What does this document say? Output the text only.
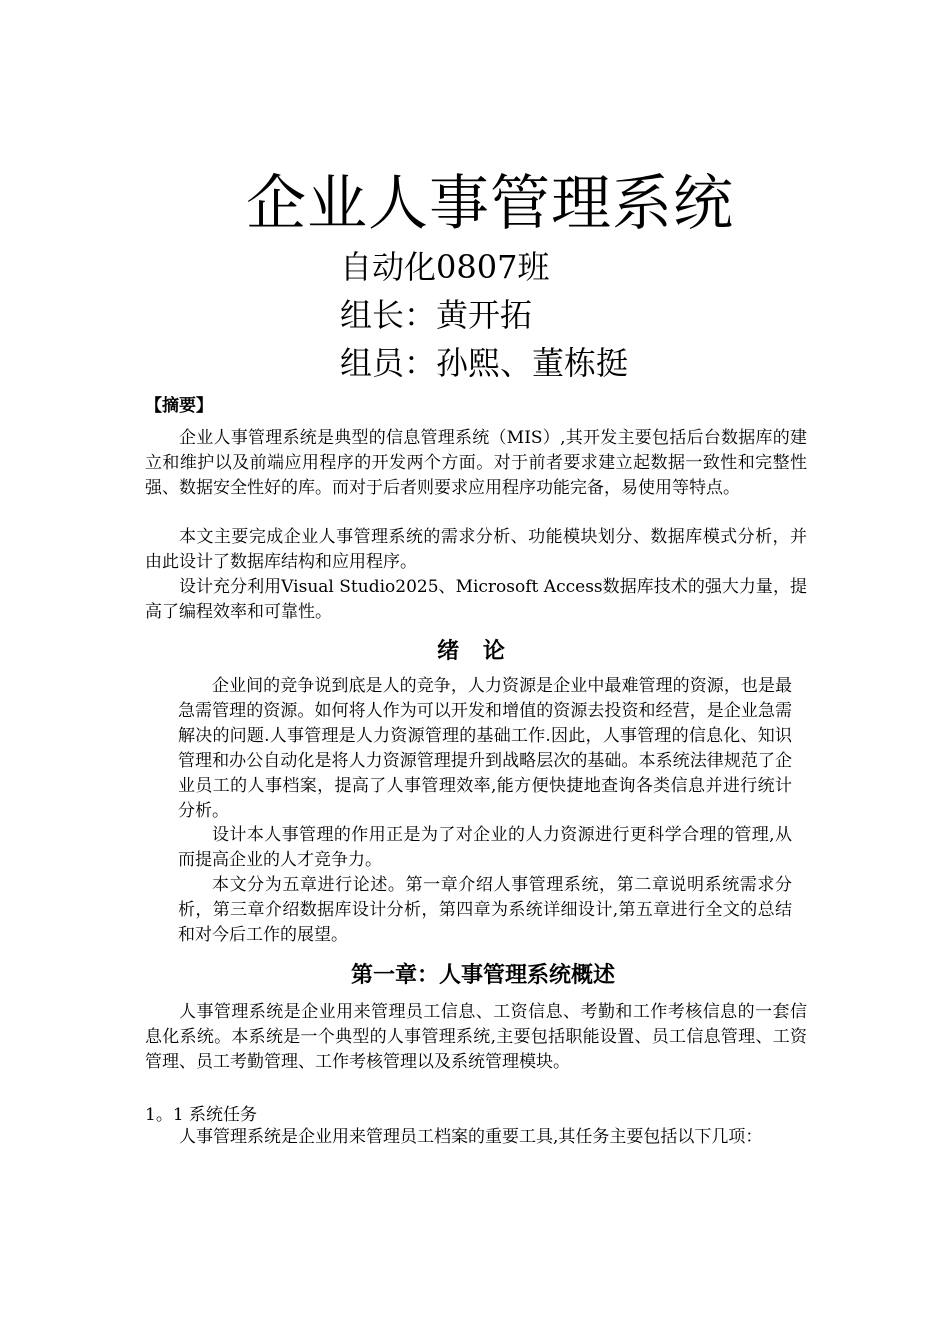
企业人事管理系统
自动化0807班
组长：黄开拓
组员：孙熙、董栋挺
【摘要】

企业人事管理系统是典型的信息管理系统（MIS）,其开发主要包括后台数据库的建立和维护以及前端应用程序的开发两个方面。对于前者要求建立起数据一致性和完整性强、数据安全性好的库。而对于后者则要求应用程序功能完备，易使用等特点。

本文主要完成企业人事管理系统的需求分析、功能模块划分、数据库模式分析，并由此设计了数据库结构和应用程序。

设计充分利用Visual Studio2025、Microsoft Access数据库技术的强大力量，提高了编程效率和可靠性。

绪 论

企业间的竞争说到底是人的竞争，人力资源是企业中最难管理的资源，也是最急需管理的资源。如何将人作为可以开发和增值的资源去投资和经营，是企业急需解决的问题.人事管理是人力资源管理的基础工作.因此，人事管理的信息化、知识管理和办公自动化是将人力资源管理提升到战略层次的基础。本系统法律规范了企业员工的人事档案，提高了人事管理效率,能方便快捷地查询各类信息并进行统计分析。

设计本人事管理的作用正是为了对企业的人力资源进行更科学合理的管理,从而提高企业的人才竞争力。

本文分为五章进行论述。第一章介绍人事管理系统，第二章说明系统需求分析，第三章介绍数据库设计分析，第四章为系统详细设计,第五章进行全文的总结和对今后工作的展望。

第一章：人事管理系统概述

人事管理系统是企业用来管理员工信息、工资信息、考勤和工作考核信息的一套信息化系统。本系统是一个典型的人事管理系统,主要包括职能设置、员工信息管理、工资管理、员工考勤管理、工作考核管理以及系统管理模块。

1。1 系统任务

人事管理系统是企业用来管理员工档案的重要工具,其任务主要包括以下几项：
